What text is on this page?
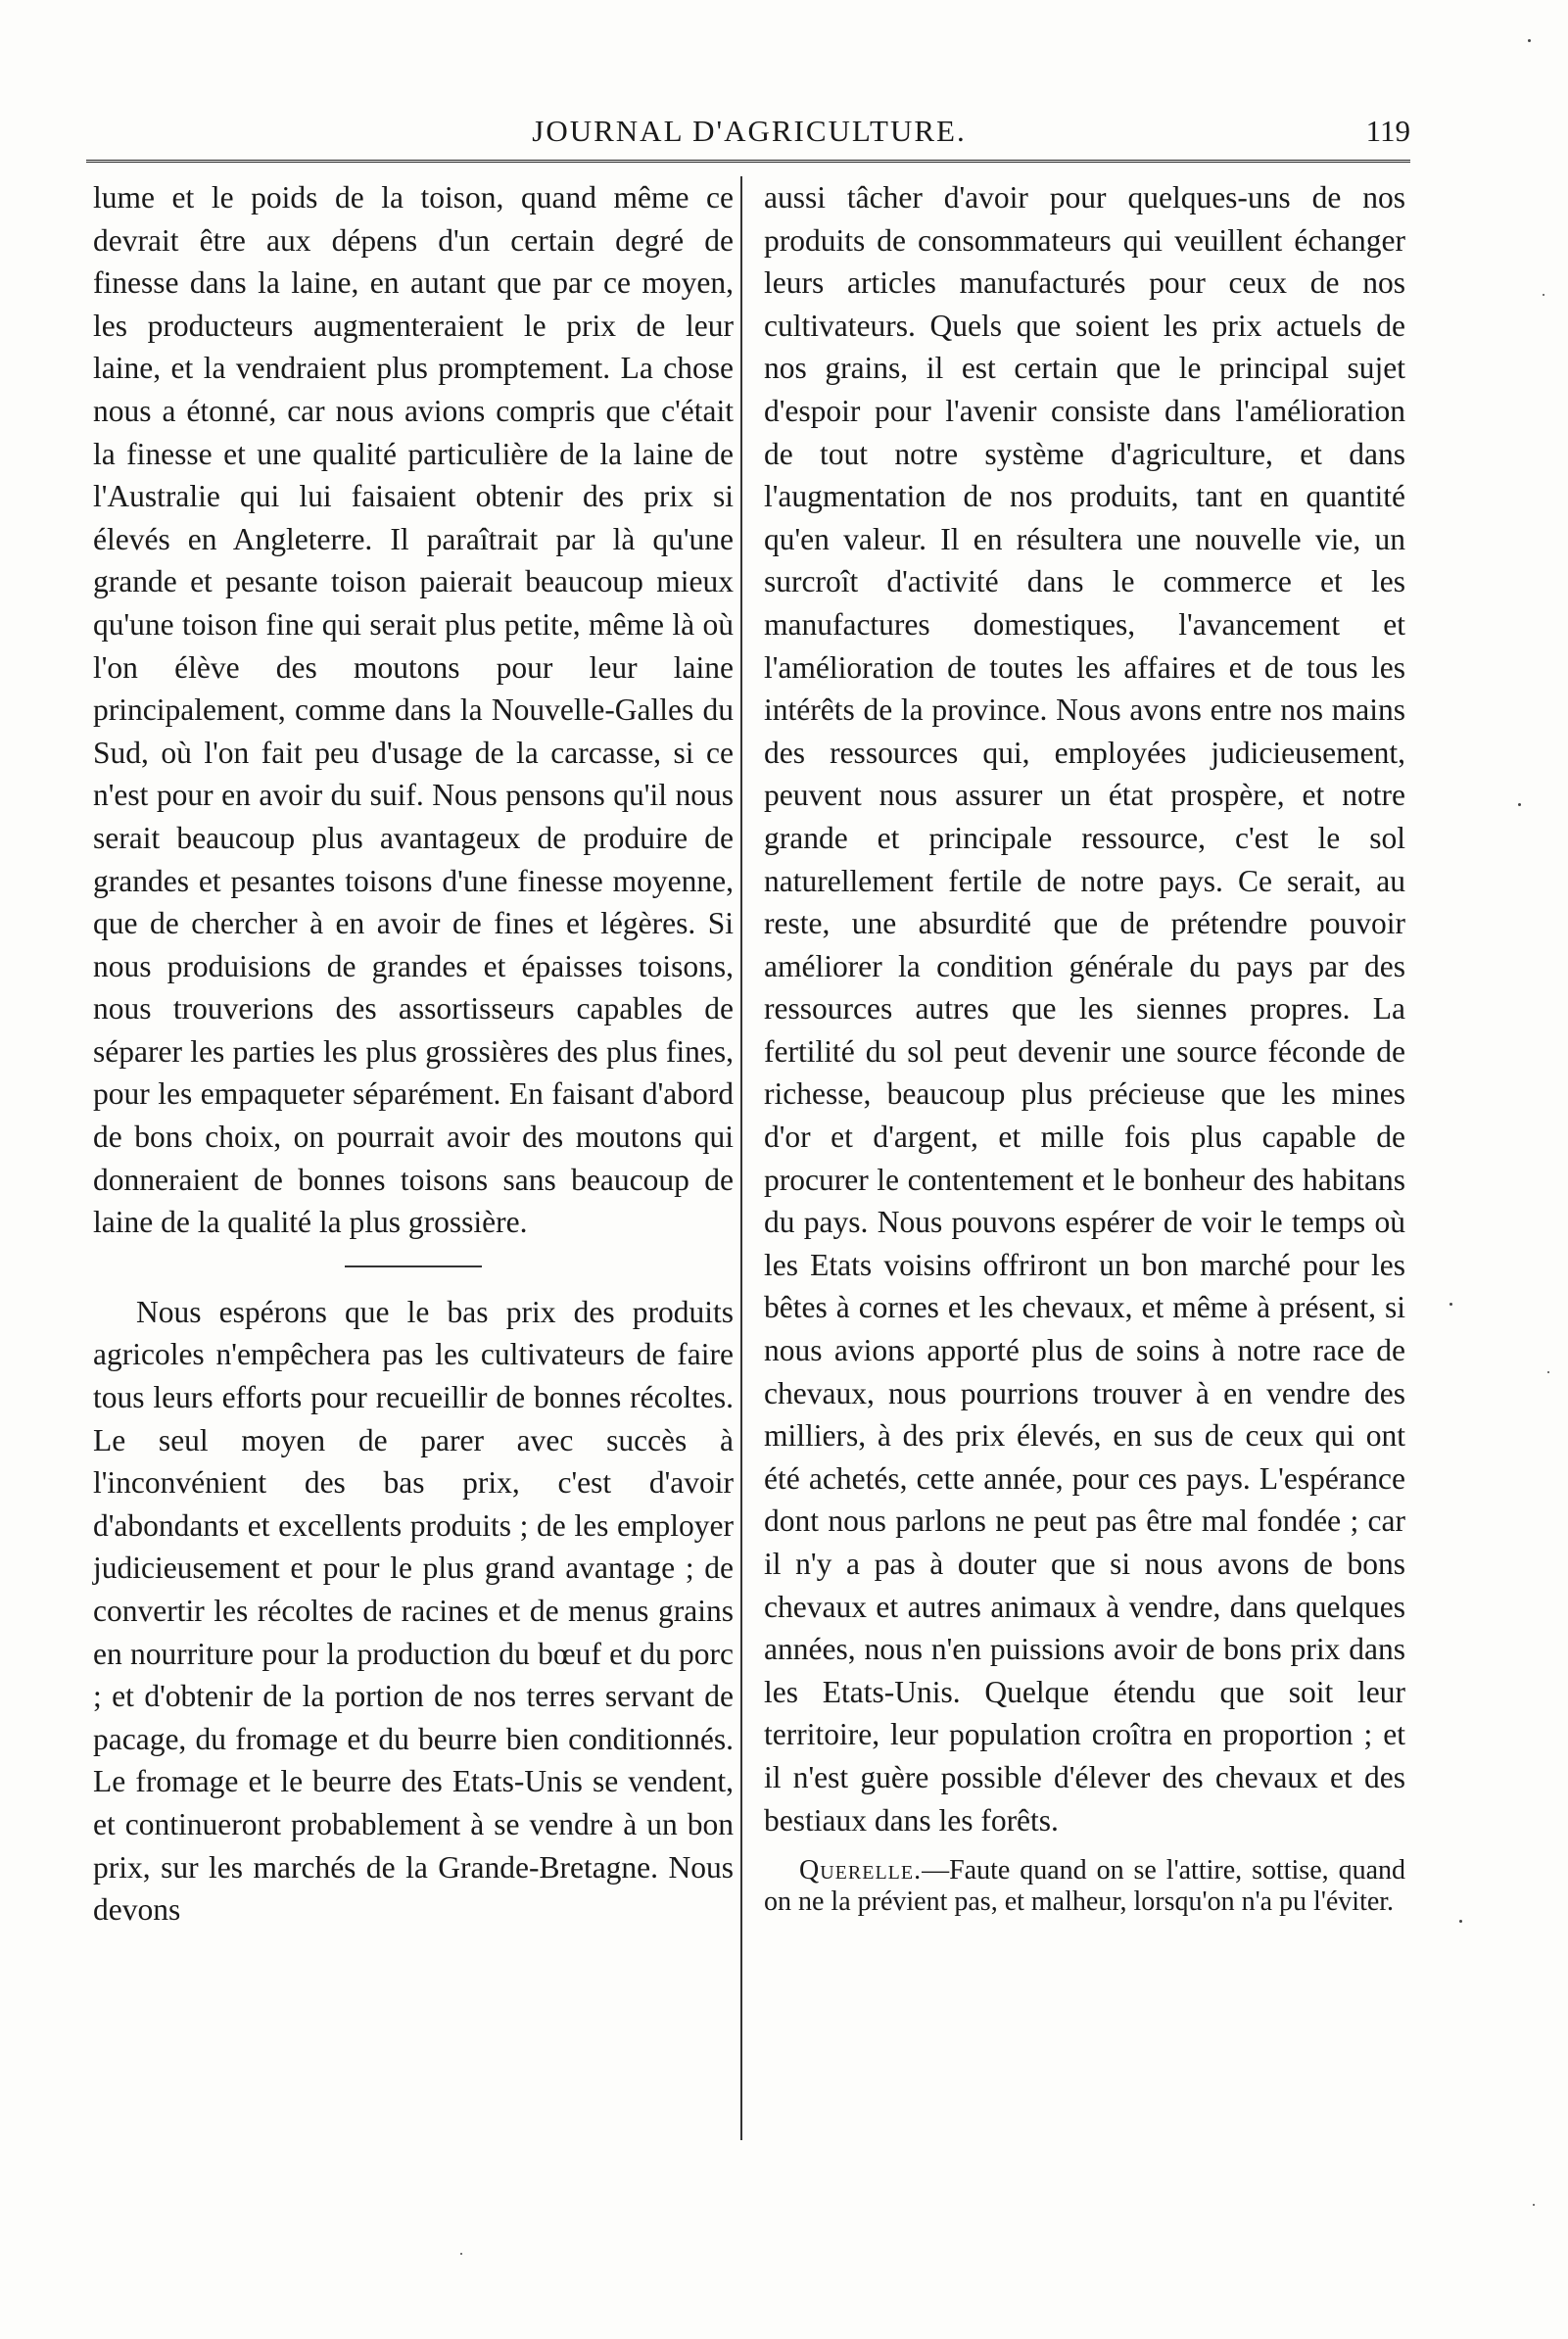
JOURNAL D'AGRICULTURE.	119

lume et le poids de la toison, quand même ce devrait être aux dépens d'un certain degré de finesse dans la laine, en autant que par ce moyen, les producteurs augmenteraient le prix de leur laine, et la vendraient plus promptement. La chose nous a étonné, car nous avions compris que c'était la finesse et une qualité particulière de la laine de l'Australie qui lui faisaient obtenir des prix si élevés en Angleterre. Il paraîtrait par là qu'une grande et pesante toison paierait beaucoup mieux qu'une toison fine qui serait plus petite, même là où l'on élève des moutons pour leur laine principalement, comme dans la Nouvelle-Galles du Sud, où l'on fait peu d'usage de la carcasse, si ce n'est pour en avoir du suif. Nous pensons qu'il nous serait beaucoup plus avantageux de produire de grandes et pesantes toisons d'une finesse moyenne, que de chercher à en avoir de fines et légères. Si nous produisions de grandes et épaisses toisons, nous trouverions des assortisseurs capables de séparer les parties les plus grossières des plus fines, pour les empaqueter séparément. En faisant d'abord de bons choix, on pourrait avoir des moutons qui donneraient de bonnes toisons sans beaucoup de laine de la qualité la plus grossière.

Nous espérons que le bas prix des produits agricoles n'empêchera pas les cultivateurs de faire tous leurs efforts pour recueillir de bonnes récoltes. Le seul moyen de parer avec succès à l'inconvénient des bas prix, c'est d'avoir d'abondants et excellents produits ; de les employer judicieusement et pour le plus grand avantage ; de convertir les récoltes de racines et de menus grains en nourriture pour la production du bœuf et du porc ; et d'obtenir de la portion de nos terres servant de pacage, du fromage et du beurre bien conditionnés. Le fromage et le beurre des Etats-Unis se vendent, et continueront probablement à se vendre à un bon prix, sur les marchés de la Grande-Bretagne. Nous devons

aussi tâcher d'avoir pour quelques-uns de nos produits de consommateurs qui veuillent échanger leurs articles manufacturés pour ceux de nos cultivateurs. Quels que soient les prix actuels de nos grains, il est certain que le principal sujet d'espoir pour l'avenir consiste dans l'amélioration de tout notre système d'agriculture, et dans l'augmentation de nos produits, tant en quantité qu'en valeur. Il en résultera une nouvelle vie, un surcroît d'activité dans le commerce et les manufactures domestiques, l'avancement et l'amélioration de toutes les affaires et de tous les intérêts de la province. Nous avons entre nos mains des ressources qui, employées judicieusement, peuvent nous assurer un état prospère, et notre grande et principale ressource, c'est le sol naturellement fertile de notre pays. Ce serait, au reste, une absurdité que de prétendre pouvoir améliorer la condition générale du pays par des ressources autres que les siennes propres. La fertilité du sol peut devenir une source féconde de richesse, beaucoup plus précieuse que les mines d'or et d'argent, et mille fois plus capable de procurer le contentement et le bonheur des habitans du pays. Nous pouvons espérer de voir le temps où les Etats voisins offriront un bon marché pour les bêtes à cornes et les chevaux, et même à présent, si nous avions apporté plus de soins à notre race de chevaux, nous pourrions trouver à en vendre des milliers, à des prix élevés, en sus de ceux qui ont été achetés, cette année, pour ces pays. L'espérance dont nous parlons ne peut pas être mal fondée ; car il n'y a pas à douter que si nous avons de bons chevaux et autres animaux à vendre, dans quelques années, nous n'en puissions avoir de bons prix dans les Etats-Unis. Quelque étendu que soit leur territoire, leur population croîtra en proportion ; et il n'est guère possible d'élever des chevaux et des bestiaux dans les forêts.

Querelle.—Faute quand on se l'attire, sottise, quand on ne la prévient pas, et malheur, lorsqu'on n'a pu l'éviter.
